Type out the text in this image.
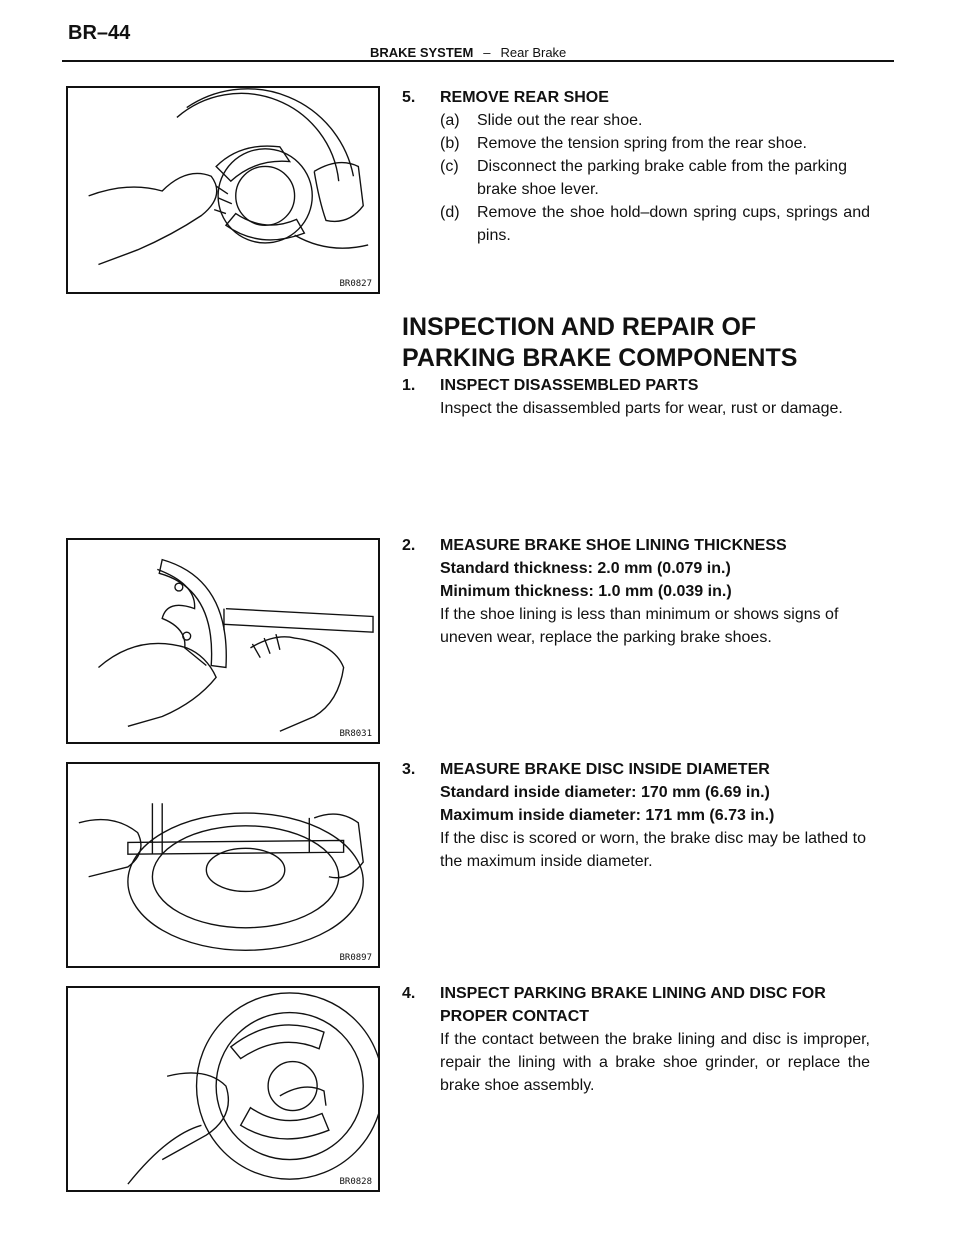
BR–44
BRAKE SYSTEM – Rear Brake
BR0827
5.	REMOVE REAR SHOE
(a) Slide out the rear shoe.
(b) Remove the tension spring from the rear shoe.
(c) Disconnect the parking brake cable from the parking brake shoe lever.
(d) Remove the shoe hold–down spring cups, springs and pins.
INSPECTION AND REPAIR OF
PARKING BRAKE COMPONENTS
1.	INSPECT DISASSEMBLED PARTS
Inspect the disassembled parts for wear, rust or damage.
BR8031
2.	MEASURE BRAKE SHOE LINING THICKNESS
Standard thickness: 2.0 mm (0.079 in.)
Minimum thickness: 1.0 mm (0.039 in.)
If the shoe lining is less than minimum or shows signs of uneven wear, replace the parking brake shoes.
BR0897
3.	MEASURE BRAKE DISC INSIDE DIAMETER
Standard inside diameter: 170 mm (6.69 in.)
Maximum inside diameter: 171 mm (6.73 in.)
If the disc is scored or worn, the brake disc may be lathed to the maximum inside diameter.
BR0828
4.	INSPECT PARKING BRAKE LINING AND DISC FOR
PROPER CONTACT
If the contact between the brake lining and disc is improper, repair the lining with a brake shoe grinder, or replace the brake shoe assembly.
